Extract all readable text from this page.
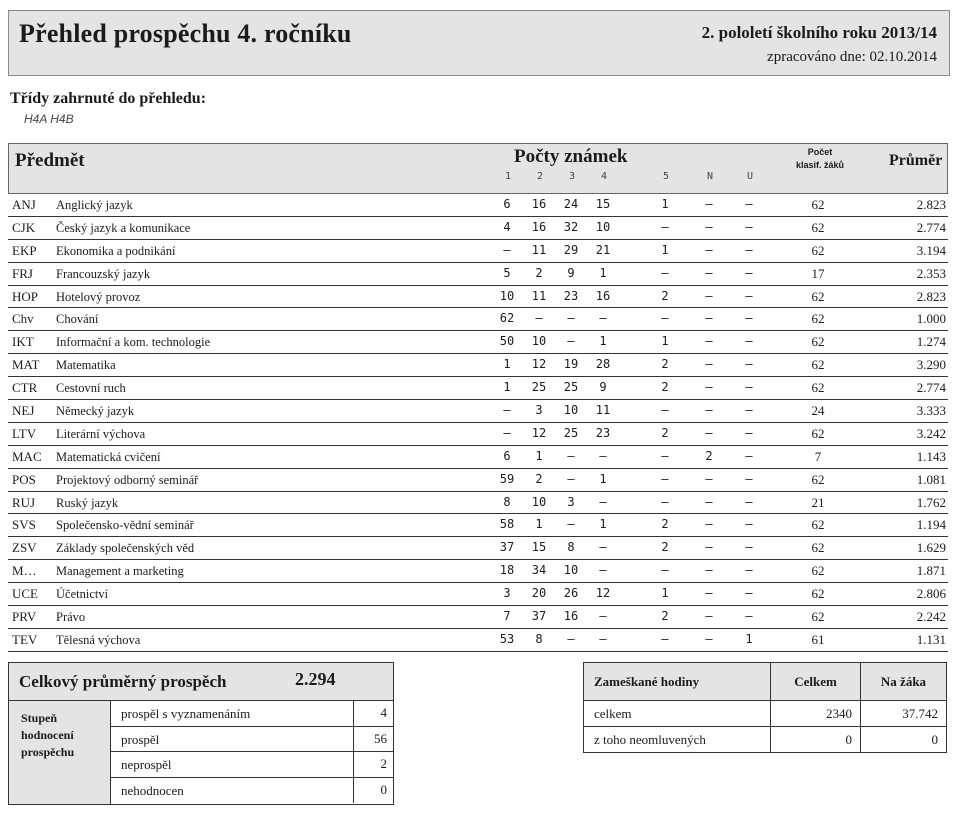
Přehled prospěchu 4. ročníku	2. pololetí školního roku 2013/14
zpracováno dne: 02.10.2014
Třídy zahrnuté do přehledu:
H4A H4B
Předmět	Počty známek
1	2	3	4	5	N	U
Počet
klasif. žáků	Průměr
ANJ Anglický jazyk	6	16	24	15	1	–	–	62	2.823
CJK Český jazyk a komunikace	4	16	32	10	–	–	–	62	2.774
EKP Ekonomika a podnikání	–	11	29	21	1	–	–	62	3.194
FRJ Francouzský jazyk	5	2	9	1	–	–	–	17	2.353
HOP Hotelový provoz	10	11	23	16	2	–	–	62	2.823
Chv Chování	62	–	–	–	–	–	–	62	1.000
IKT Informační a kom. technologie	50	10	–	1	1	–	–	62	1.274
MAT Matematika	1	12	19	28	2	–	–	62	3.290
CTR Cestovní ruch	1	25	25	9	2	–	–	62	2.774
NEJ Německý jazyk	–	3	10	11	–	–	–	24	3.333
LTV Literární výchova	–	12	25	23	2	–	–	62	3.242
MAC Matematická cvičení	6	1	–	–	–	2	–	7	1.143
POS Projektový odborný seminář	59	2	–	1	–	–	–	62	1.081
RUJ Ruský jazyk	8	10	3	–	–	–	–	21	1.762
SVS Společensko-vědní seminář	58	1	–	1	2	–	–	62	1.194
ZSV Základy společenských věd	37	15	8	–	2	–	–	62	1.629
M… Management a marketing	18	34	10	–	–	–	–	62	1.871
UCE Účetnictví	3	20	26	12	1	–	–	62	2.806
PRV Právo	7	37	16	–	2	–	–	62	2.242
TEV Tělesná výchova	53	8	–	–	–	–	1	61	1.131
Celkový průměrný prospěch	2.294
Stupeň
hodnocení
prospěchu
prospěl s vyznamenáním	4
prospěl	56
neprospěl	2
nehodnocen	0
Zameškané hodiny	Celkem	Na žáka
celkem	2340	37.742
z toho neomluvených	0	0
